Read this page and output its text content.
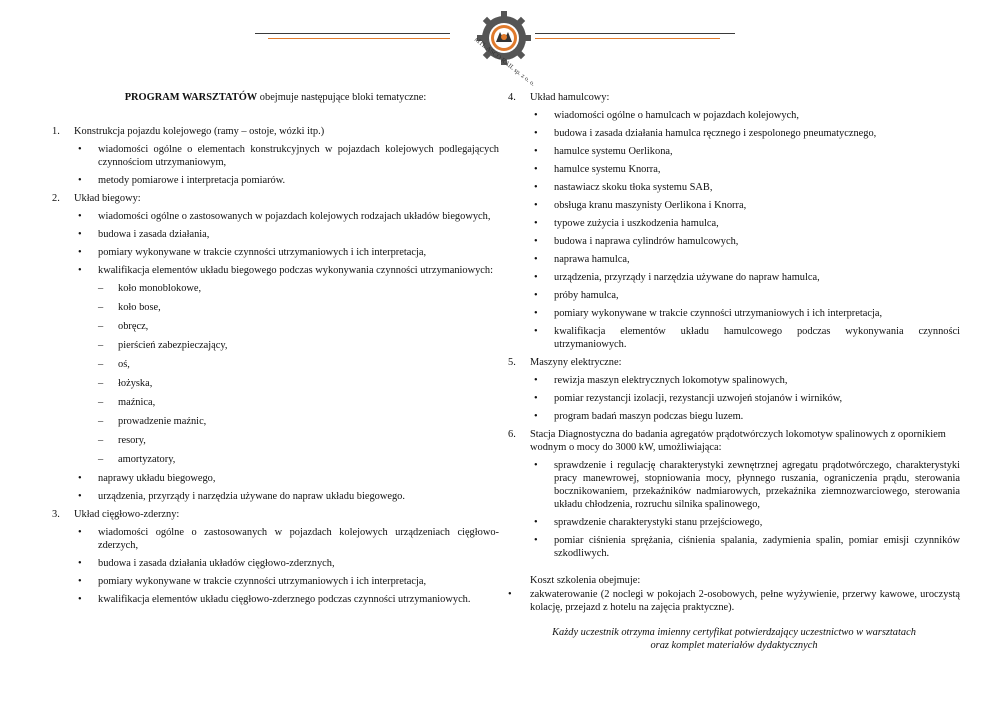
MTL ASCO RAIL sp. z o. o.
PROGRAM WARSZTATÓW obejmuje następujące bloki tematyczne:
1. Konstrukcja pojazdu kolejowego (ramy – ostoje, wózki itp.)
• wiadomości ogólne o elementach konstrukcyjnych w pojazdach kolejowych podlegających czynnościom utrzymaniowym,
• metody pomiarowe i interpretacja pomiarów.
2. Układ biegowy:
• wiadomości ogólne o zastosowanych w pojazdach kolejowych rodzajach układów biegowych,
• budowa i zasada działania,
• pomiary wykonywane w trakcie czynności utrzymaniowych i ich interpretacja,
• kwalifikacja elementów układu biegowego podczas wykonywania czynności utrzymaniowych:
– koło monoblokowe,
– koło bose,
– obręcz,
– pierścień zabezpieczający,
– oś,
– łożyska,
– maźnica,
– prowadzenie maźnic,
– resory,
– amortyzatory,
• naprawy układu biegowego,
• urządzenia, przyrządy i narzędzia używane do napraw układu biegowego.
3. Układ cięgłowo-zderzny:
• wiadomości ogólne o zastosowanych w pojazdach kolejowych urządzeniach cięgłowo-zderzych,
• budowa i zasada działania układów cięgłowo-zderznych,
• pomiary wykonywane w trakcie czynności utrzymaniowych i ich interpretacja,
• kwalifikacja elementów układu cięgłowo-zderznego podczas czynności utrzymaniowych.
4. Układ hamulcowy:
• wiadomości ogólne o hamulcach w pojazdach kolejowych,
• budowa i zasada działania hamulca ręcznego i zespolonego pneumatycznego,
• hamulce systemu Oerlikona,
• hamulce systemu Knorra,
• nastawiacz skoku tłoka systemu SAB,
• obsługa kranu maszynisty Oerlikona i Knorra,
• typowe zużycia i uszkodzenia hamulca,
• budowa i naprawa cylindrów hamulcowych,
• naprawa hamulca,
• urządzenia, przyrządy i narzędzia używane do napraw hamulca,
• próby hamulca,
• pomiary wykonywane w trakcie czynności utrzymaniowych i ich interpretacja,
• kwalifikacja elementów układu hamulcowego podczas wykonywania czynności utrzymaniowych.
5. Maszyny elektryczne:
• rewizja maszyn elektrycznych lokomotyw spalinowych,
• pomiar rezystancji izolacji, rezystancji uzwojeń stojanów i wirników,
• program badań maszyn podczas biegu luzem.
6. Stacja Diagnostyczna do badania agregatów prądotwórczych lokomotyw spalinowych z opornikiem wodnym o mocy do 3000 kW, umożliwiająca:
• sprawdzenie i regulację charakterystyki zewnętrznej agregatu prądotwórczego, charakterystyki pracy manewrowej, stopniowania mocy, płynnego ruszania, ograniczenia prądu, sterowania bocznikowaniem, przekaźników nadmiarowych, przekaźnika ziemnozwarciowego, sterowania układu chłodzenia, rozruchu silnika spalinowego,
• sprawdzenie charakterystyki stanu przejściowego,
• pomiar ciśnienia sprężania, ciśnienia spalania, zadymienia spalin, pomiar emisji czynników szkodliwych.
Koszt szkolenia obejmuje:
• zakwaterowanie (2 noclegi w pokojach 2-osobowych, pełne wyżywienie, przerwy kawowe, uroczystą kolację, przejazd z hotelu na zajęcia praktyczne).
Każdy uczestnik otrzyma imienny certyfikat potwierdzający uczestnictwo w warsztatach
oraz komplet materiałów dydaktycznych
